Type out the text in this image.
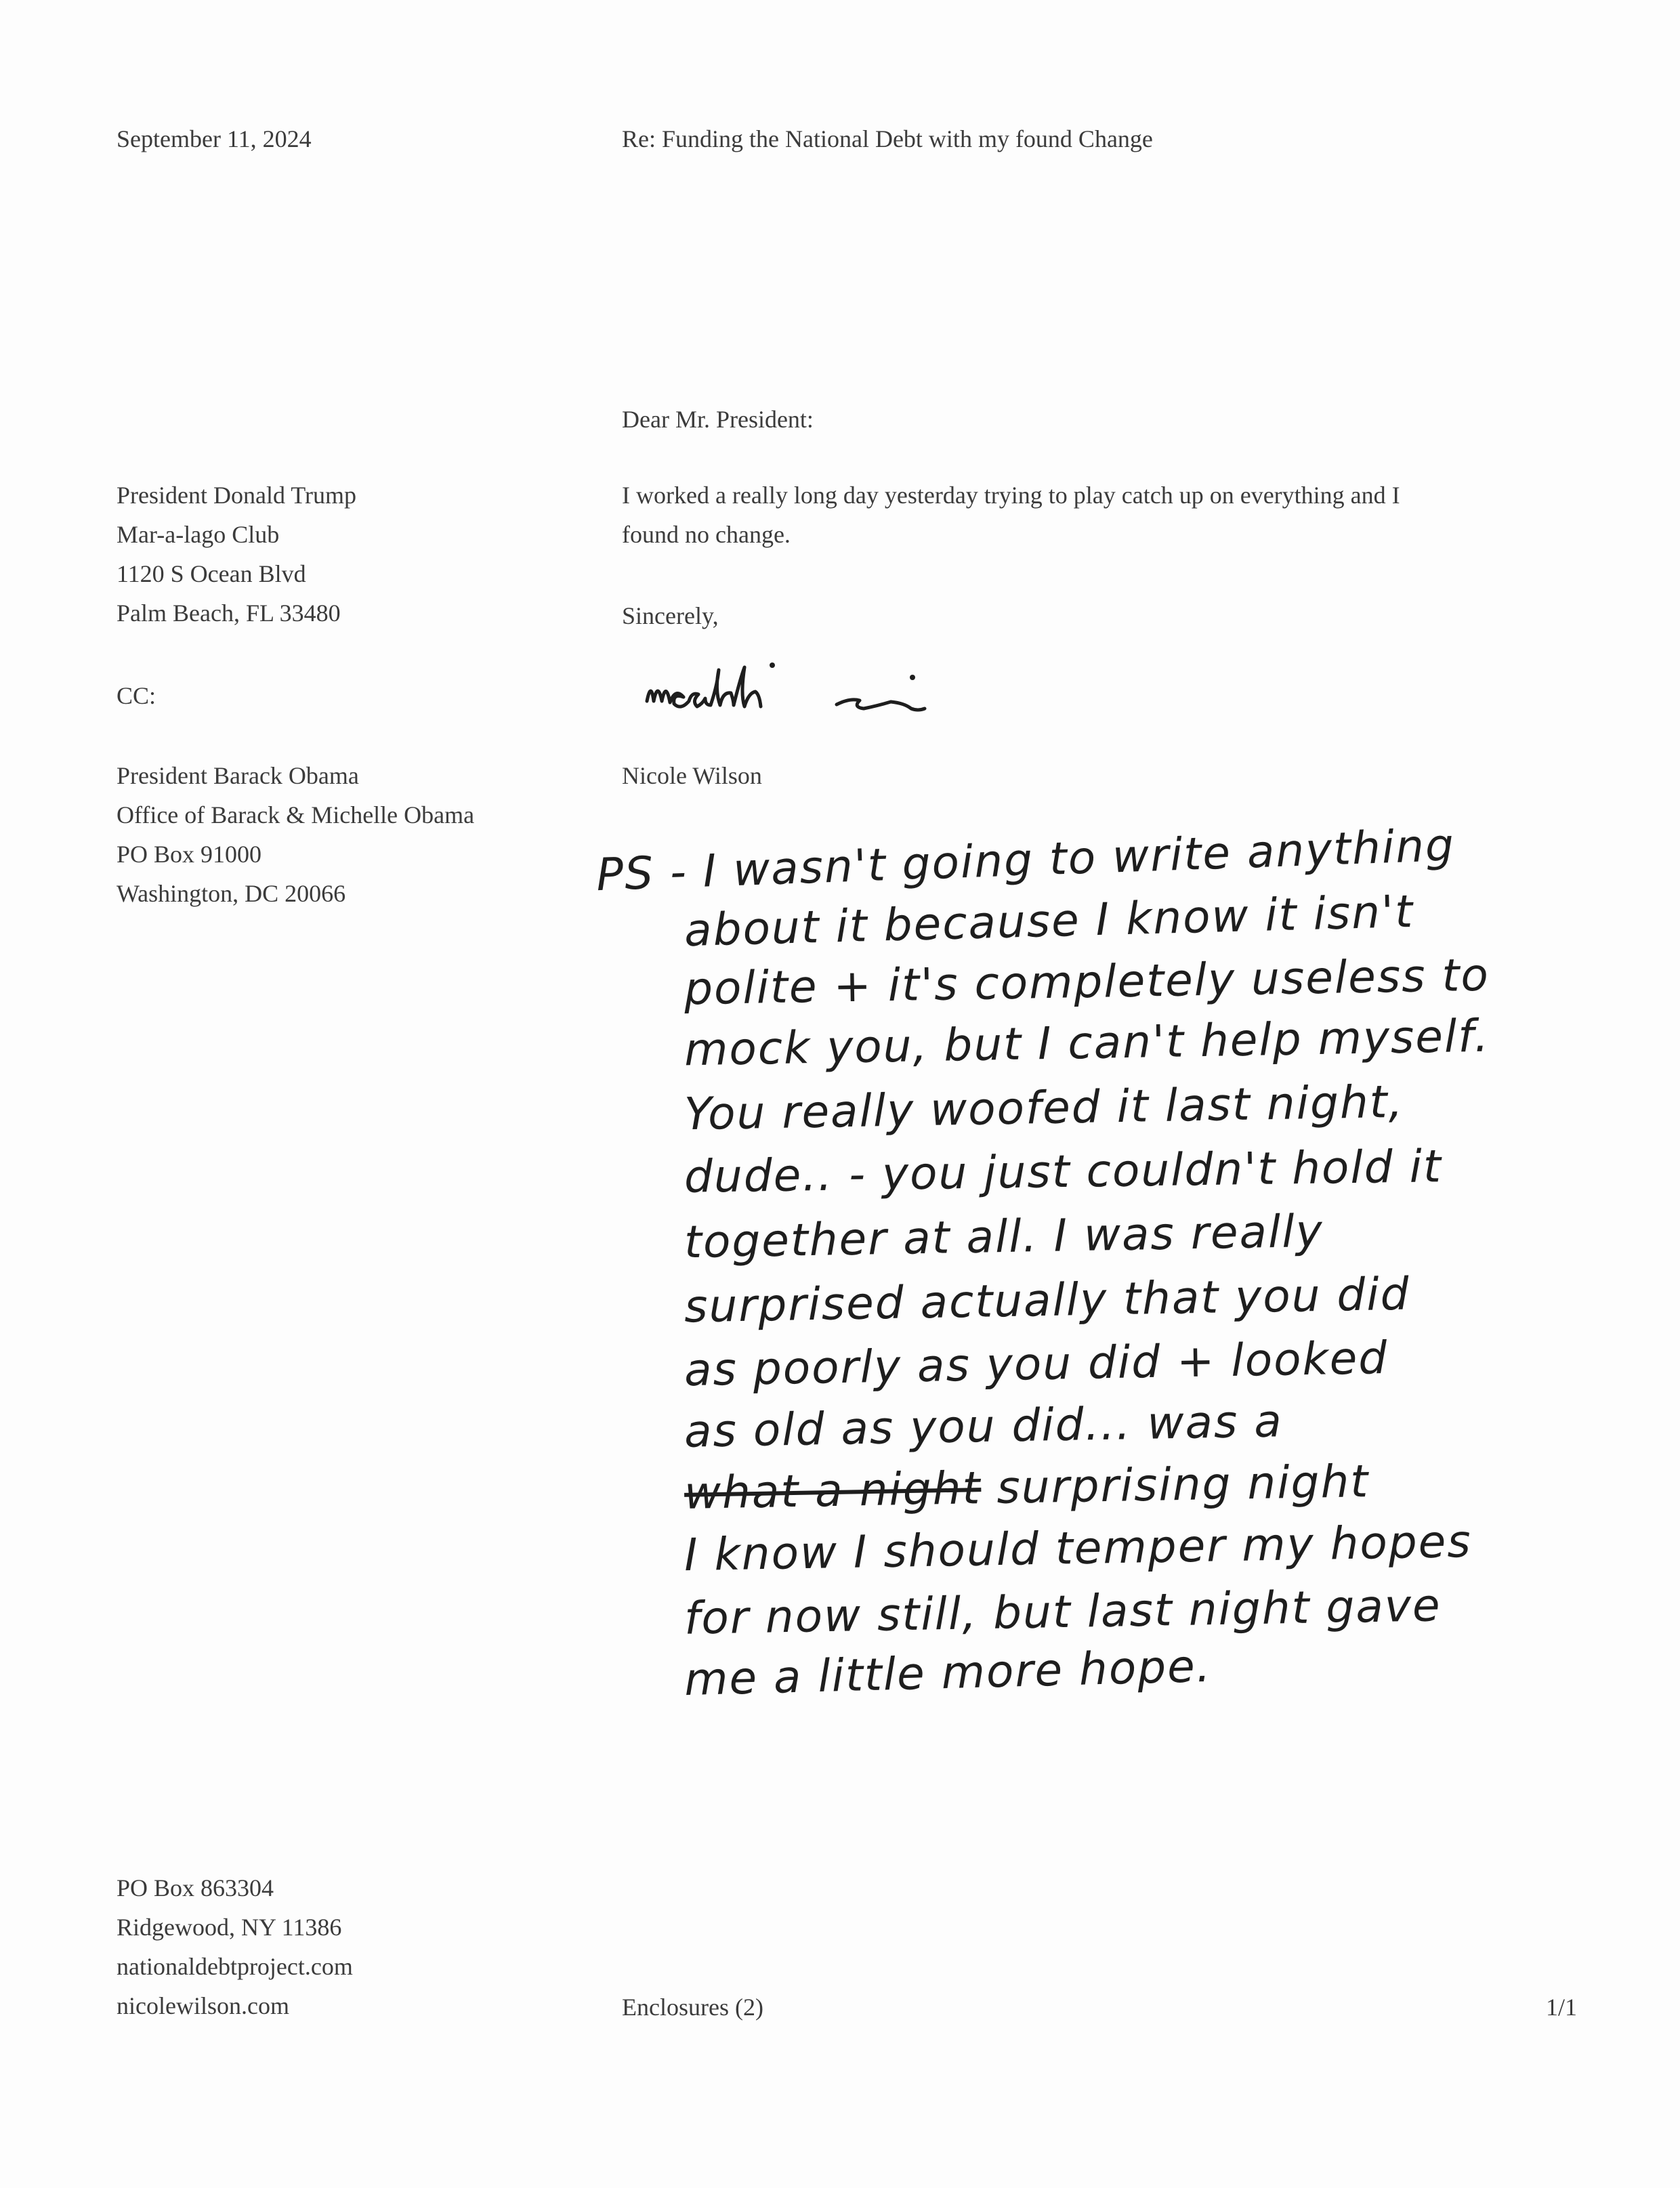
September 11, 2024	Re: Funding the National Debt with my found Change
Dear Mr. President:
I worked a really long day yesterday trying to play catch up on everything and I
found no change.
Sincerely,
Nicole Wilson
President Donald Trump
Mar-a-lago Club
1120 S Ocean Blvd
Palm Beach, FL 33480
CC:
President Barack Obama
Office of Barack & Michelle Obama
PO Box 91000
Washington, DC 20066	PS - I wasn't going to write anything
about it because I know it isn't
polite + it's completely useless to
mock you, but I can't help myself.
You really woofed it last night,
dude.. - you just couldn't hold it
together at all. I was really
surprised actually that you did
as poorly as you did + looked
as old as you did... was a
what a night surprising night
I know I should temper my hopes
for now still, but last night gave
me a little more hope.
PO Box 863304
Ridgewood, NY 11386
nationaldebtproject.com
nicolewilson.com	Enclosures (2)	1/1
